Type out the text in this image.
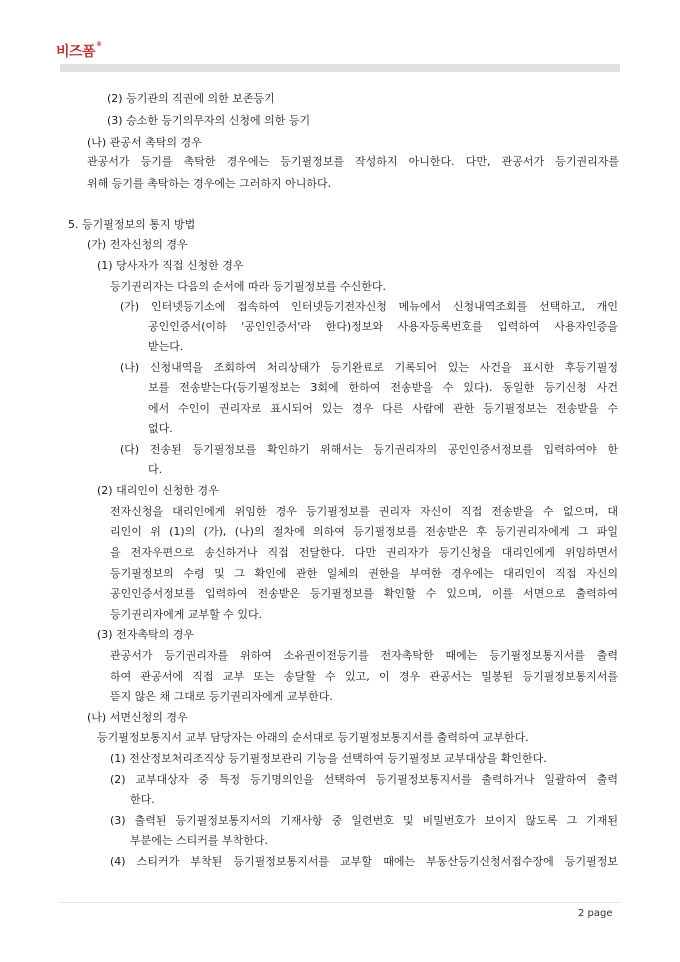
비즈폼®
(2) 등기관의 직권에 의한 보존등기
(3) 승소한 등기의무자의 신청에 의한 등기
(나) 관공서 촉탁의 경우
관공서가 등기를 촉탁한 경우에는 등기필정보를 작성하지 아니한다. 다만, 관공서가 등기권리자를
위해 등기를 촉탁하는 경우에는 그러하지 아니하다.
5. 등기필정보의 통지 방법
(가) 전자신청의 경우
(1) 당사자가 직접 신청한 경우
등기권리자는 다음의 순서에 따라 등기필정보를 수신한다.
(가) 인터넷등기소에 접속하여 인터넷등기전자신청 메뉴에서 신청내역조회를 선택하고, 개인
공인인증서(이하 '공인인증서'라 한다)정보와 사용자등록번호를 입력하여 사용자인증을
받는다.
(나) 신청내역을 조회하여 처리상태가 등기완료로 기록되어 있는 사건을 표시한 후등기필정
보를 전송받는다(등기필정보는 3회에 한하여 전송받을 수 있다). 동일한 등기신청 사건
에서 수인이 권리자로 표시되어 있는 경우 다른 사람에 관한 등기필정보는 전송받을 수
없다.
(다) 전송된 등기필정보를 확인하기 위해서는 등기권리자의 공인인증서정보를 입력하여야 한
다.
(2) 대리인이 신청한 경우
전자신청을 대리인에게 위임한 경우 등기필정보를 권리자 자신이 직접 전송받을 수 없으며, 대
리인이 위 (1)의 (가), (나)의 절차에 의하여 등기필정보를 전송받은 후 등기권리자에게 그 파일
을 전자우편으로 송신하거나 직접 전달한다. 다만 권리자가 등기신청을 대리인에게 위임하면서
등기필정보의 수령 및 그 확인에 관한 일체의 권한을 부여한 경우에는 대리인이 직접 자신의
공인인증서정보를 입력하여 전송받은 등기필정보를 확인할 수 있으며, 이를 서면으로 출력하여
등기권리자에게 교부할 수 있다.
(3) 전자촉탁의 경우
관공서가 등기권리자를 위하여 소유권이전등기를 전자촉탁한 때에는 등기필정보통지서를 출력
하여 관공서에 직접 교부 또는 송달할 수 있고, 이 경우 관공서는 밀봉된 등기필정보통지서를
뜯지 않은 채 그대로 등기권리자에게 교부한다.
(나) 서면신청의 경우
등기필정보통지서 교부 담당자는 아래의 순서대로 등기필정보통지서를 출력하여 교부한다.
(1) 전산정보처리조직상 등기필정보관리 기능을 선택하여 등기필정보 교부대상을 확인한다.
(2) 교부대상자 중 특정 등기명의인을 선택하여 등기필정보통지서를 출력하거나 일괄하여 출력
한다.
(3) 출력된 등기필정보통지서의 기재사항 중 일련번호 및 비밀번호가 보이지 않도록 그 기재된
부분에는 스티커를 부착한다.
(4) 스티커가 부착된 등기필정보통지서를 교부할 때에는 부동산등기신청서접수장에 등기필정보
2 page
